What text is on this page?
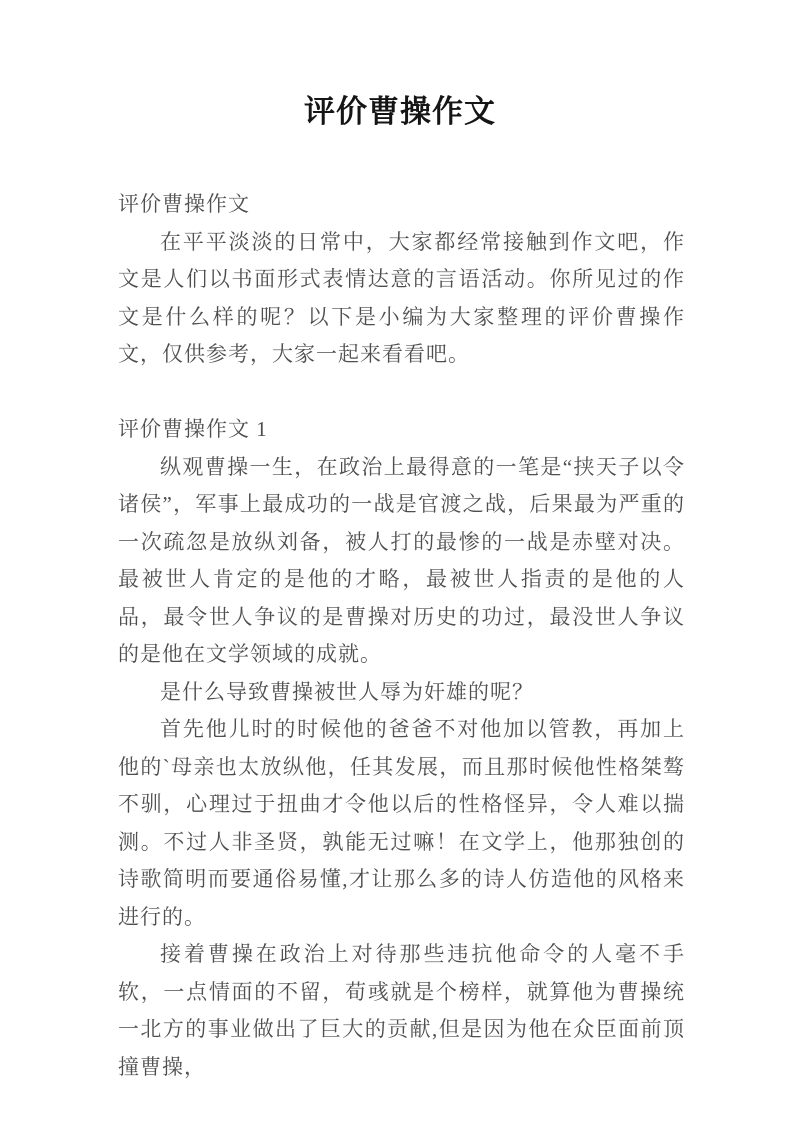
评价曹操作文

评价曹操作文

在平平淡淡的日常中，大家都经常接触到作文吧，作文是人们以书面形式表情达意的言语活动。你所见过的作文是什么样的呢？以下是小编为大家整理的评价曹操作文，仅供参考，大家一起来看看吧。

评价曹操作文 1

纵观曹操一生，在政治上最得意的一笔是“挟天子以令诸侯”，军事上最成功的一战是官渡之战，后果最为严重的一次疏忽是放纵刘备，被人打的最惨的一战是赤壁对决。最被世人肯定的是他的才略，最被世人指责的是他的人品，最令世人争议的是曹操对历史的功过，最没世人争议的是他在文学领域的成就。

是什么导致曹操被世人辱为奸雄的呢？

首先他儿时的时候他的爸爸不对他加以管教，再加上他的`母亲也太放纵他，任其发展，而且那时候他性格桀骜不驯，心理过于扭曲才令他以后的性格怪异，令人难以揣测。不过人非圣贤，孰能无过嘛！在文学上，他那独创的诗歌简明而要通俗易懂,才让那么多的诗人仿造他的风格来进行的。

接着曹操在政治上对待那些违抗他命令的人毫不手软，一点情面的不留，荀彧就是个榜样，就算他为曹操统一北方的事业做出了巨大的贡献,但是因为他在众臣面前顶撞曹操，
